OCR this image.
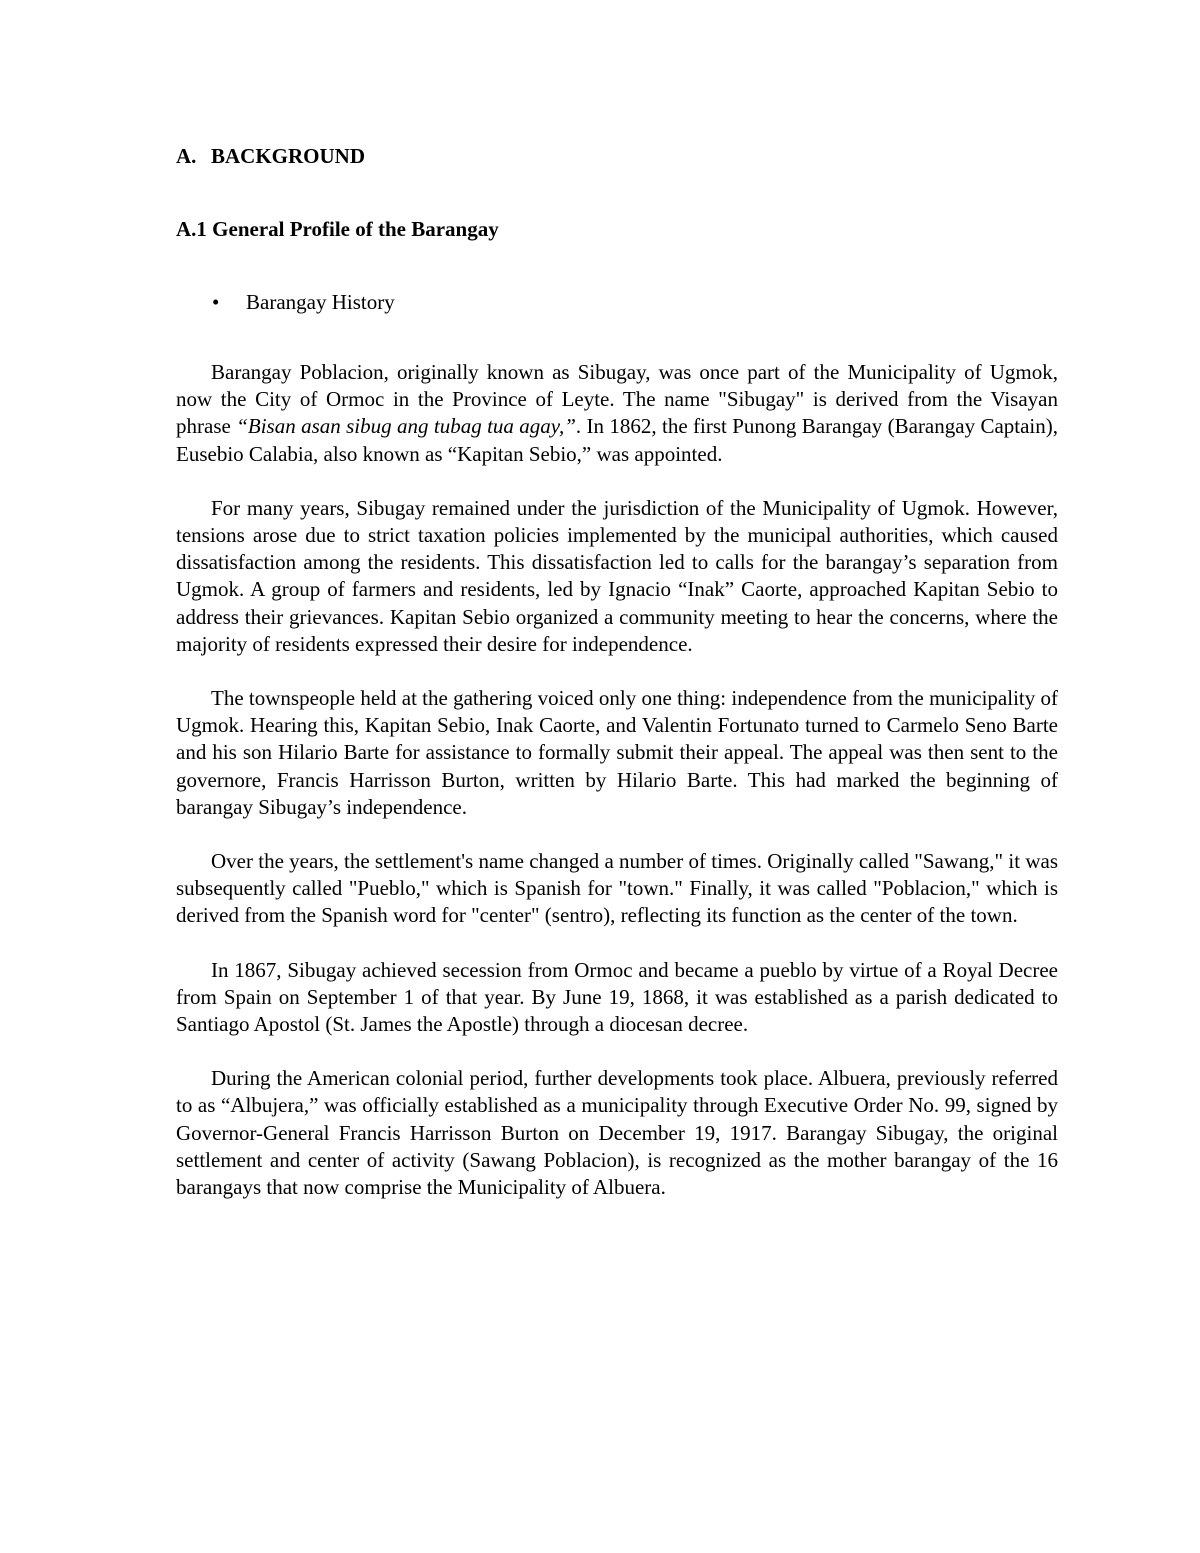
A. BACKGROUND
A.1 General Profile of the Barangay
•	Barangay History

Barangay Poblacion, originally known as Sibugay, was once part of the Municipality of Ugmok, now the City of Ormoc in the Province of Leyte. The name "Sibugay" is derived from the Visayan phrase “Bisan asan sibug ang tubag tua agay,”. In 1862, the first Punong Barangay (Barangay Captain), Eusebio Calabia, also known as “Kapitan Sebio,” was appointed.

For many years, Sibugay remained under the jurisdiction of the Municipality of Ugmok. However, tensions arose due to strict taxation policies implemented by the municipal authorities, which caused dissatisfaction among the residents. This dissatisfaction led to calls for the barangay’s separation from Ugmok. A group of farmers and residents, led by Ignacio “Inak” Caorte, approached Kapitan Sebio to address their grievances. Kapitan Sebio organized a community meeting to hear the concerns, where the majority of residents expressed their desire for independence.

The townspeople held at the gathering voiced only one thing: independence from the municipality of Ugmok. Hearing this, Kapitan Sebio, Inak Caorte, and Valentin Fortunato turned to Carmelo Seno Barte and his son Hilario Barte for assistance to formally submit their appeal. The appeal was then sent to the governore, Francis Harrisson Burton, written by Hilario Barte. This had marked the beginning of barangay Sibugay’s independence.

Over the years, the settlement's name changed a number of times. Originally called "Sawang," it was subsequently called "Pueblo," which is Spanish for "town." Finally, it was called "Poblacion," which is derived from the Spanish word for "center" (sentro), reflecting its function as the center of the town.

In 1867, Sibugay achieved secession from Ormoc and became a pueblo by virtue of a Royal Decree from Spain on September 1 of that year. By June 19, 1868, it was established as a parish dedicated to Santiago Apostol (St. James the Apostle) through a diocesan decree.

During the American colonial period, further developments took place. Albuera, previously referred to as “Albujera,” was officially established as a municipality through Executive Order No. 99, signed by Governor-General Francis Harrisson Burton on December 19, 1917. Barangay Sibugay, the original settlement and center of activity (Sawang Poblacion), is recognized as the mother barangay of the 16 barangays that now comprise the Municipality of Albuera.
